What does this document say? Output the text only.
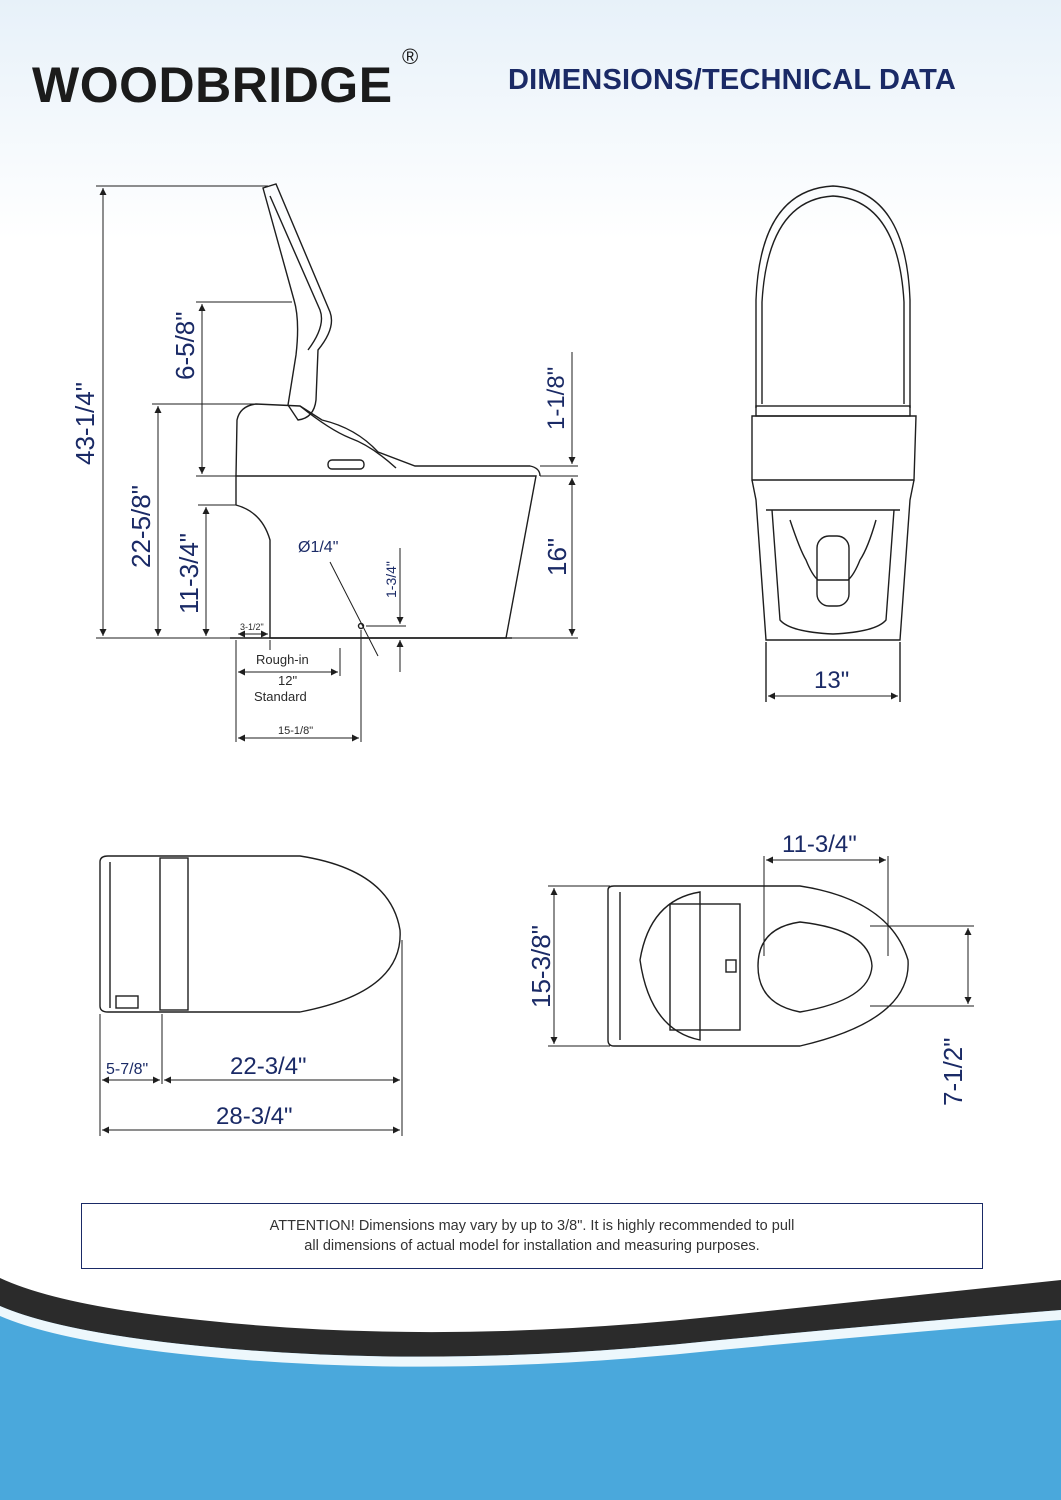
WOODBRIDGE
®
DIMENSIONS/TECHNICAL DATA
43-1/4"
6-5/8"
22-5/8"
11-3/4"
1-1/8"
16"
Ø1/4"
1-3/4"
3-1/2"
Rough-in
12"
Standard
15-1/8"
13"
5-7/8"	22-3/4"
28-3/4"
11-3/4"
15-3/8"
7-1/2"
ATTENTION! Dimensions may vary by up to 3/8". It is highly recommended to pull
all dimensions of actual model for installation and measuring purposes.
